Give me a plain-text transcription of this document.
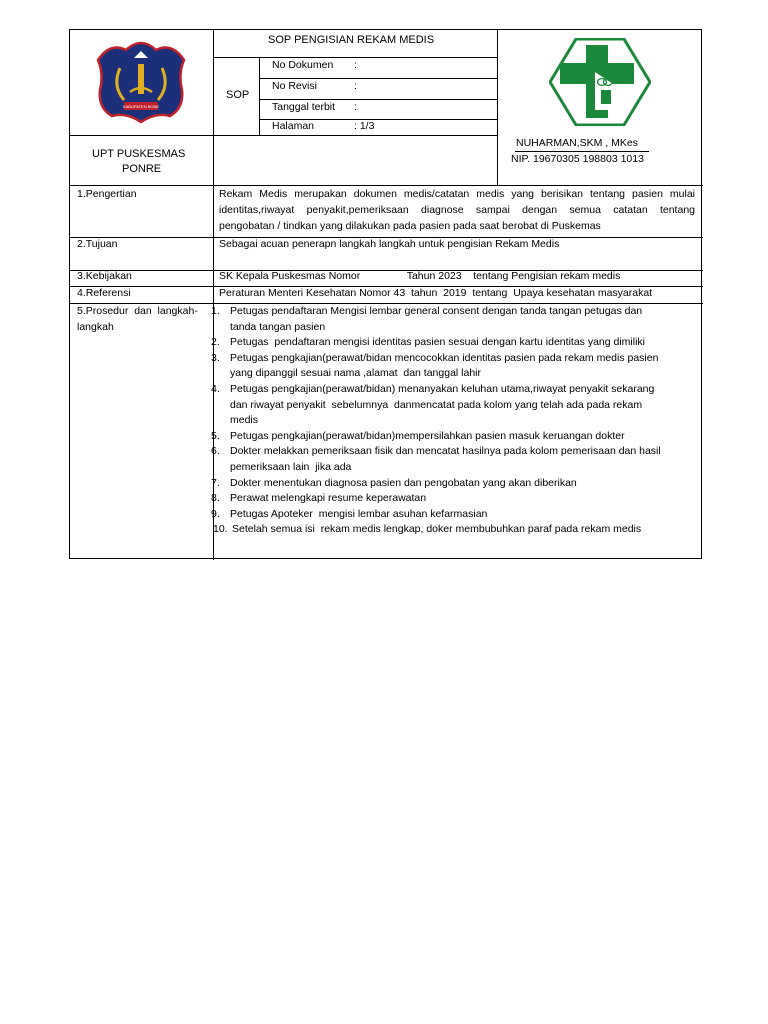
KABUPATEN BONE
SOP PENGISIAN REKAM MEDIS
SOP
No Dokumen :
No Revisi	:
Tanggal terbit :
Halaman	: 1/3
UPT PUSKESMAS
PONRE
NUHARMAN,SKM , MKes
NIP. 19670305 198803 1013
1.Pengertian	Rekam Medis merupakan dokumen medis/catatan medis yang berisikan tentang pasien mulai
identitas,riwayat penyakit,pemeriksaan diagnose sampai dengan semua catatan tentang
pengobatan / tindkan yang dilakukan pada pasien pada saat berobat di Puskemas
2.Tujuan	Sebagai acuan penerapn langkah langkah untuk pengisian Rekam Medis
3.Kebijakan	SK Kepala Puskesmas Nomor                Tahun 2023    tentang Pengisian rekam medis
4.Referensi	Peraturan Menteri Kesehatan Nomor 43  tahun  2019  tentang  Upaya kesehatan masyarakat
5.Prosedur  dan  langkah-
langkah
1. Petugas pendaftaran Mengisi lembar general consent dengan tanda tangan petugas dan
tanda tangan pasien
2. Petugas  pendaftaran mengisi identitas pasien sesuai dengan kartu identitas yang dimiliki
3. Petugas pengkajian(perawat/bidan mencocokkan identitas pasien pada rekam medis pasien
yang dipanggil sesuai nama ,alamat  dan tanggal lahir
4. Petugas pengkajian(perawat/bidan) menanyakan keluhan utama,riwayat penyakit sekarang
dan riwayat penyakit  sebelumnya  danmencatat pada kolom yang telah ada pada rekam
medis
5. Petugas pengkajian(perawat/bidan)mempersilahkan pasien masuk keruangan dokter
6. Dokter melakkan pemeriksaan fisik dan mencatat hasilnya pada kolom pemerisaan dan hasil
pemeriksaan lain  jika ada
7. Dokter menentukan diagnosa pasien dan pengobatan yang akan diberikan
8. Perawat melengkapi resume keperawatan
9. Petugas Apoteker  mengisi lembar asuhan kefarmasian
10. Setelah semua isi  rekam medis lengkap, doker membubuhkan paraf pada rekam medis
